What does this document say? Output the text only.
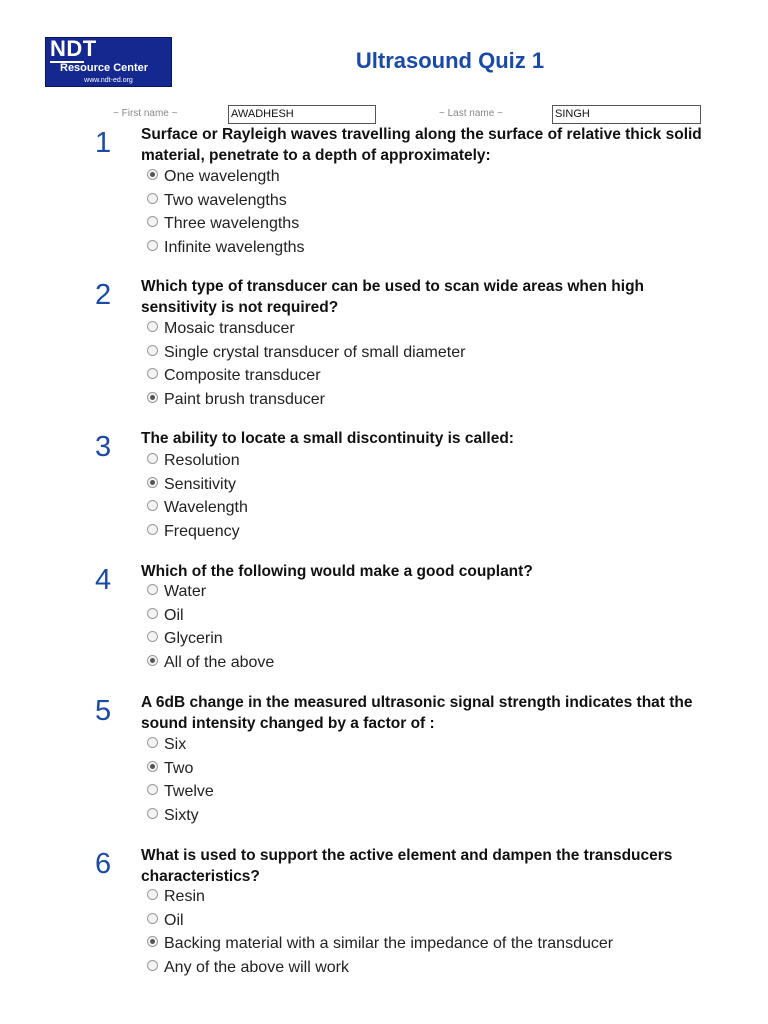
NDT
Resource Center
www.ndt-ed.org
Ultrasound Quiz 1
~ First name ~	AWADHESH	~ Last name ~	SINGH
1 Surface or Rayleigh waves travelling along the surface of relative thick solid material, penetrate to a depth of approximately:
One wavelength
Two wavelengths
Three wavelengths
Infinite wavelengths
2 Which type of transducer can be used to scan wide areas when high sensitivity is not required?
Mosaic transducer
Single crystal transducer of small diameter
Composite transducer
Paint brush transducer
3 The ability to locate a small discontinuity is called:
Resolution
Sensitivity
Wavelength
Frequency
4 Which of the following would make a good couplant?
Water
Oil
Glycerin
All of the above
5 A 6dB change in the measured ultrasonic signal strength indicates that the sound intensity changed by a factor of :
Six
Two
Twelve
Sixty
6 What is used to support the active element and dampen the transducers characteristics?
Resin
Oil
Backing material with a similar the impedance of the transducer
Any of the above will work
